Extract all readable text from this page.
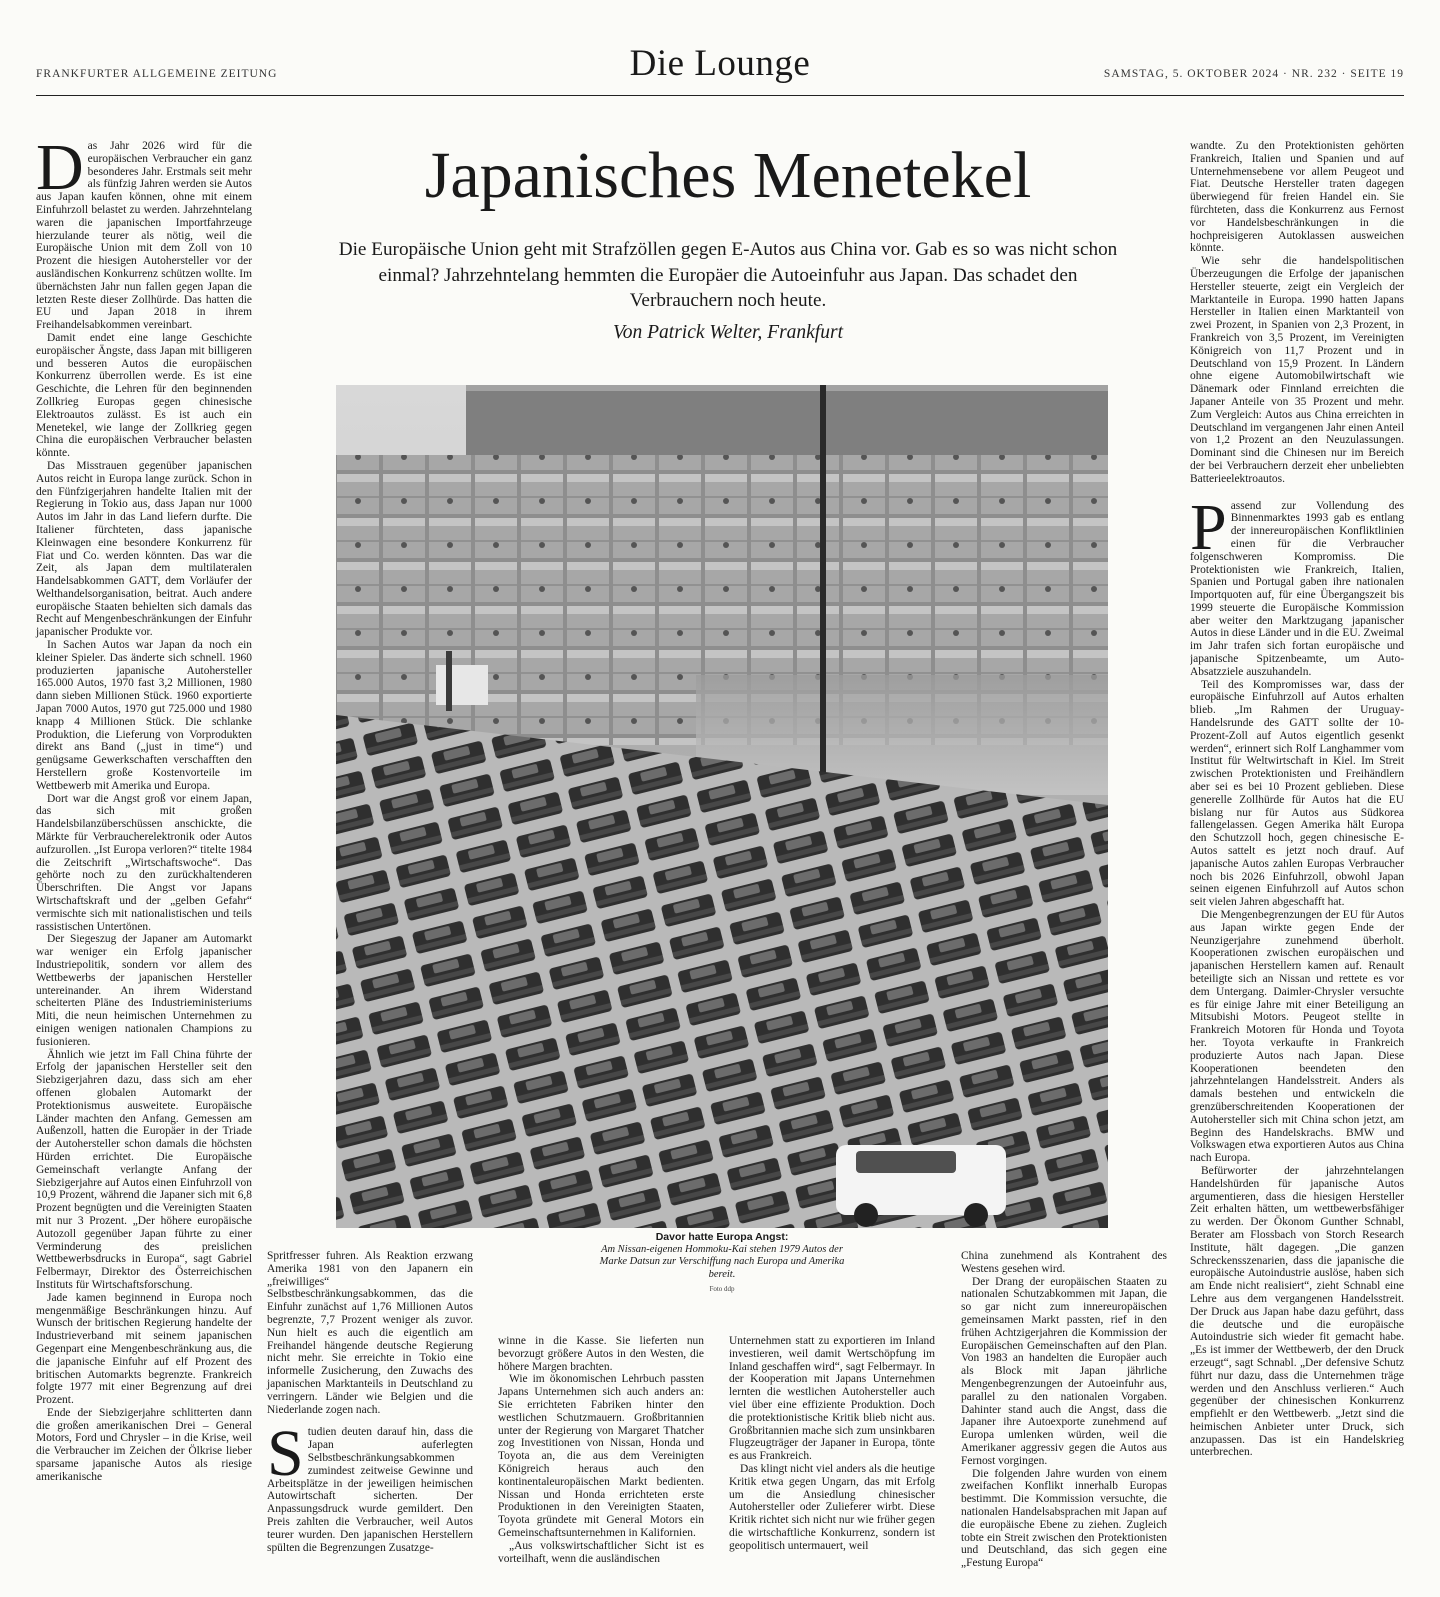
FRANKFURTER ALLGEMEINE ZEITUNG	Die Lounge	SAMSTAG, 5. OKTOBER 2024 · NR. 232 · SEITE 19
Japanisches Menetekel
Die Europäische Union geht mit Strafzöllen gegen E-Autos aus China vor. Gab es so was nicht schon einmal? Jahrzehntelang hemmten die Europäer die Autoeinfuhr aus Japan. Das schadet den Verbrauchern noch heute.
Von Patrick Welter, Frankfurt
Davor hatte Europa Angst:
Am Nissan-eigenen Hommoku-Kai stehen 1979 Autos der Marke Datsun zur Verschiffung nach Europa und Amerika bereit.
Foto ddp

Das Jahr 2026 wird für die europäischen Verbraucher ein ganz besonderes Jahr. Erstmals seit mehr als fünfzig Jahren werden sie Autos aus Japan kaufen können, ohne mit einem Einfuhrzoll belastet zu werden. Jahrzehntelang waren die japanischen Importfahrzeuge hierzulande teurer als nötig, weil die Europäische Union mit dem Zoll von 10 Prozent die hiesigen Autohersteller vor der ausländischen Konkurrenz schützen wollte. Im übernächsten Jahr nun fallen gegen Japan die letzten Reste dieser Zollhürde. Das hatten die EU und Japan 2018 in ihrem Freihandelsabkommen vereinbart.

Damit endet eine lange Geschichte europäischer Ängste, dass Japan mit billigeren und besseren Autos die europäischen Konkurrenz überrollen werde. Es ist eine Geschichte, die Lehren für den beginnenden Zollkrieg Europas gegen chinesische Elektroautos zulässt. Es ist auch ein Menetekel, wie lange der Zollkrieg gegen China die europäischen Verbraucher belasten könnte.

Das Misstrauen gegenüber japanischen Autos reicht in Europa lange zurück. Schon in den Fünfzigerjahren handelte Italien mit der Regierung in Tokio aus, dass Japan nur 1000 Autos im Jahr in das Land liefern durfte. Die Italiener fürchteten, dass japanische Kleinwagen eine besondere Konkurrenz für Fiat und Co. werden könnten. Das war die Zeit, als Japan dem multilateralen Handelsabkommen GATT, dem Vorläufer der Welthandelsorganisation, beitrat. Auch andere europäische Staaten behielten sich damals das Recht auf Mengenbeschränkungen der Einfuhr japanischer Produkte vor.

In Sachen Autos war Japan da noch ein kleiner Spieler. Das änderte sich schnell. 1960 produzierten japanische Autohersteller 165.000 Autos, 1970 fast 3,2 Millionen, 1980 dann sieben Millionen Stück. 1960 exportierte Japan 7000 Autos, 1970 gut 725.000 und 1980 knapp 4 Millionen Stück. Die schlanke Produktion, die Lieferung von Vorprodukten direkt ans Band („just in time“) und genügsame Gewerkschaften verschafften den Herstellern große Kostenvorteile im Wettbewerb mit Amerika und Europa.

Dort war die Angst groß vor einem Japan, das sich mit großen Handelsbilanzüberschüssen anschickte, die Märkte für Verbraucherelektronik oder Autos aufzurollen. „Ist Europa verloren?“ titelte 1984 die Zeitschrift „Wirtschaftswoche“. Das gehörte noch zu den zurückhaltenderen Überschriften. Die Angst vor Japans Wirtschaftskraft und der „gelben Gefahr“ vermischte sich mit nationalistischen und teils rassistischen Untertönen.

Der Siegeszug der Japaner am Automarkt war weniger ein Erfolg japanischer Industriepolitik, sondern vor allem des Wettbewerbs der japanischen Hersteller untereinander. An ihrem Widerstand scheiterten Pläne des Industrieministeriums Miti, die neun heimischen Unternehmen zu einigen wenigen nationalen Champions zu fusionieren.

Ähnlich wie jetzt im Fall China führte der Erfolg der japanischen Hersteller seit den Siebzigerjahren dazu, dass sich am eher offenen globalen Automarkt der Protektionismus ausweitete. Europäische Länder machten den Anfang. Gemessen am Außenzoll, hatten die Europäer in der Triade der Autohersteller schon damals die höchsten Hürden errichtet. Die Europäische Gemeinschaft verlangte Anfang der Siebzigerjahre auf Autos einen Einfuhrzoll von 10,9 Prozent, während die Japaner sich mit 6,8 Prozent begnügten und die Vereinigten Staaten mit nur 3 Prozent. „Der höhere europäische Autozoll gegenüber Japan führte zu einer Verminderung des preislichen Wettbewerbsdrucks in Europa“, sagt Gabriel Felbermayr, Direktor des Österreichischen Instituts für Wirtschaftsforschung.

Jade kamen beginnend in Europa noch mengenmäßige Beschränkungen hinzu. Auf Wunsch der britischen Regierung handelte der Industrieverband mit seinem japanischen Gegenpart eine Mengenbeschränkung aus, die die japanische Einfuhr auf elf Prozent des britischen Automarkts begrenzte. Frankreich folgte 1977 mit einer Begrenzung auf drei Prozent.

Ende der Siebzigerjahre schlitterten dann die großen amerikanischen Drei – General Motors, Ford und Chrysler – in die Krise, weil die Verbraucher im Zeichen der Ölkrise lieber sparsame japanische Autos als riesige amerikanische

Spritfresser fuhren. Als Reaktion erzwang Amerika 1981 von den Japanern ein „freiwilliges“ Selbstbeschränkungsabkommen, das die Einfuhr zunächst auf 1,76 Millionen Autos begrenzte, 7,7 Prozent weniger als zuvor. Nun hielt es auch die eigentlich am Freihandel hängende deutsche Regierung nicht mehr. Sie erreichte in Tokio eine informelle Zusicherung, den Zuwachs des japanischen Marktanteils in Deutschland zu verringern. Länder wie Belgien und die Niederlande zogen nach.

Studien deuten darauf hin, dass die Japan auferlegten Selbstbeschränkungsabkommen zumindest zeitweise Gewinne und Arbeitsplätze in der jeweiligen heimischen Autowirtschaft sicherten. Der Anpassungsdruck wurde gemildert. Den Preis zahlten die Verbraucher, weil Autos teurer wurden. Den japanischen Herstellern spülten die Begrenzungen Zusatzge-

winne in die Kasse. Sie lieferten nun bevorzugt größere Autos in den Westen, die höhere Margen brachten.

Wie im ökonomischen Lehrbuch passten Japans Unternehmen sich auch anders an: Sie errichteten Fabriken hinter den westlichen Schutzmauern. Großbritannien unter der Regierung von Margaret Thatcher zog Investitionen von Nissan, Honda und Toyota an, die aus dem Vereinigten Königreich heraus auch den kontinentaleuropäischen Markt bedienten. Nissan und Honda errichteten erste Produktionen in den Vereinigten Staaten, Toyota gründete mit General Motors ein Gemeinschaftsunternehmen in Kalifornien.

„Aus volkswirtschaftlicher Sicht ist es vorteilhaft, wenn die ausländischen

Unternehmen statt zu exportieren im Inland investieren, weil damit Wertschöpfung im Inland geschaffen wird“, sagt Felbermayr. In der Kooperation mit Japans Unternehmen lernten die westlichen Autohersteller auch viel über eine effiziente Produktion. Doch die protektionistische Kritik blieb nicht aus. Großbritannien mache sich zum unsinkbaren Flugzeugträger der Japaner in Europa, tönte es aus Frankreich.

Das klingt nicht viel anders als die heutige Kritik etwa gegen Ungarn, das mit Erfolg um die Ansiedlung chinesischer Autohersteller oder Zulieferer wirbt. Diese Kritik richtet sich nicht nur wie früher gegen die wirtschaftliche Konkurrenz, sondern ist geopolitisch untermauert, weil

China zunehmend als Kontrahent des Westens gesehen wird.

Der Drang der europäischen Staaten zu nationalen Schutzabkommen mit Japan, die so gar nicht zum innereuropäischen gemeinsamen Markt passten, rief in den frühen Achtzigerjahren die Kommission der Europäischen Gemeinschaften auf den Plan. Von 1983 an handelten die Europäer auch als Block mit Japan jährliche Mengenbegrenzungen der Autoeinfuhr aus, parallel zu den nationalen Vorgaben. Dahinter stand auch die Angst, dass die Japaner ihre Autoexporte zunehmend auf Europa umlenken würden, weil die Amerikaner aggressiv gegen die Autos aus Fernost vorgingen.

Die folgenden Jahre wurden von einem zweifachen Konflikt innerhalb Europas bestimmt. Die Kommission versuchte, die nationalen Handelsabsprachen mit Japan auf die europäische Ebene zu ziehen. Zugleich tobte ein Streit zwischen den Protektionisten und Deutschland, das sich gegen eine „Festung Europa“

wandte. Zu den Protektionisten gehörten Frankreich, Italien und Spanien und auf Unternehmensebene vor allem Peugeot und Fiat. Deutsche Hersteller traten dagegen überwiegend für freien Handel ein. Sie fürchteten, dass die Konkurrenz aus Fernost vor Handelsbeschränkungen in die hochpreisigeren Autoklassen ausweichen könnte.

Wie sehr die handelspolitischen Überzeugungen die Erfolge der japanischen Hersteller steuerte, zeigt ein Vergleich der Marktanteile in Europa. 1990 hatten Japans Hersteller in Italien einen Marktanteil von zwei Prozent, in Spanien von 2,3 Prozent, in Frankreich von 3,5 Prozent, im Vereinigten Königreich von 11,7 Prozent und in Deutschland von 15,9 Prozent. In Ländern ohne eigene Automobilwirtschaft wie Dänemark oder Finnland erreichten die Japaner Anteile von 35 Prozent und mehr. Zum Vergleich: Autos aus China erreichten in Deutschland im vergangenen Jahr einen Anteil von 1,2 Prozent an den Neuzulassungen. Dominant sind die Chinesen nur im Bereich der bei Verbrauchern derzeit eher unbeliebten Batterieelektroautos.

Passend zur Vollendung des Binnenmarktes 1993 gab es entlang der innereuropäischen Konfliktlinien einen für die Verbraucher folgenschweren Kompromiss. Die Protektionisten wie Frankreich, Italien, Spanien und Portugal gaben ihre nationalen Importquoten auf, für eine Übergangszeit bis 1999 steuerte die Europäische Kommission aber weiter den Marktzugang japanischer Autos in diese Länder und in die EU. Zweimal im Jahr trafen sich fortan europäische und japanische Spitzenbeamte, um Auto-Absatzziele auszuhandeln.

Teil des Kompromisses war, dass der europäische Einfuhrzoll auf Autos erhalten blieb. „Im Rahmen der Uruguay-Handelsrunde des GATT sollte der 10-Prozent-Zoll auf Autos eigentlich gesenkt werden“, erinnert sich Rolf Langhammer vom Institut für Weltwirtschaft in Kiel. Im Streit zwischen Protektionisten und Freihändlern aber sei es bei 10 Prozent geblieben. Diese generelle Zollhürde für Autos hat die EU bislang nur für Autos aus Südkorea fallengelassen. Gegen Amerika hält Europa den Schutzzoll hoch, gegen chinesische E-Autos sattelt es jetzt noch drauf. Auf japanische Autos zahlen Europas Verbraucher noch bis 2026 Einfuhrzoll, obwohl Japan seinen eigenen Einfuhrzoll auf Autos schon seit vielen Jahren abgeschafft hat.

Die Mengenbegrenzungen der EU für Autos aus Japan wirkte gegen Ende der Neunzigerjahre zunehmend überholt. Kooperationen zwischen europäischen und japanischen Herstellern kamen auf. Renault beteiligte sich an Nissan und rettete es vor dem Untergang. Daimler-Chrysler versuchte es für einige Jahre mit einer Beteiligung an Mitsubishi Motors. Peugeot stellte in Frankreich Motoren für Honda und Toyota her. Toyota verkaufte in Frankreich produzierte Autos nach Japan. Diese Kooperationen beendeten den jahrzehntelangen Handelsstreit. Anders als damals bestehen und entwickeln die grenzüberschreitenden Kooperationen der Autohersteller sich mit China schon jetzt, am Beginn des Handelskrachs. BMW und Volkswagen etwa exportieren Autos aus China nach Europa.

Befürworter der jahrzehntelangen Handelshürden für japanische Autos argumentieren, dass die hiesigen Hersteller Zeit erhalten hätten, um wettbewerbsfähiger zu werden. Der Ökonom Gunther Schnabl, Berater am Flossbach von Storch Research Institute, hält dagegen. „Die ganzen Schreckensszenarien, dass die japanische die europäische Autoindustrie auslöse, haben sich am Ende nicht realisiert“, zieht Schnabl eine Lehre aus dem vergangenen Handelsstreit. Der Druck aus Japan habe dazu geführt, dass die deutsche und die europäische Autoindustrie sich wieder fit gemacht habe. „Es ist immer der Wettbewerb, der den Druck erzeugt“, sagt Schnabl. „Der defensive Schutz führt nur dazu, dass die Unternehmen träge werden und den Anschluss verlieren.“ Auch gegenüber der chinesischen Konkurrenz empfiehlt er den Wettbewerb. „Jetzt sind die heimischen Anbieter unter Druck, sich anzupassen. Das ist ein Handelskrieg unterbrechen.
